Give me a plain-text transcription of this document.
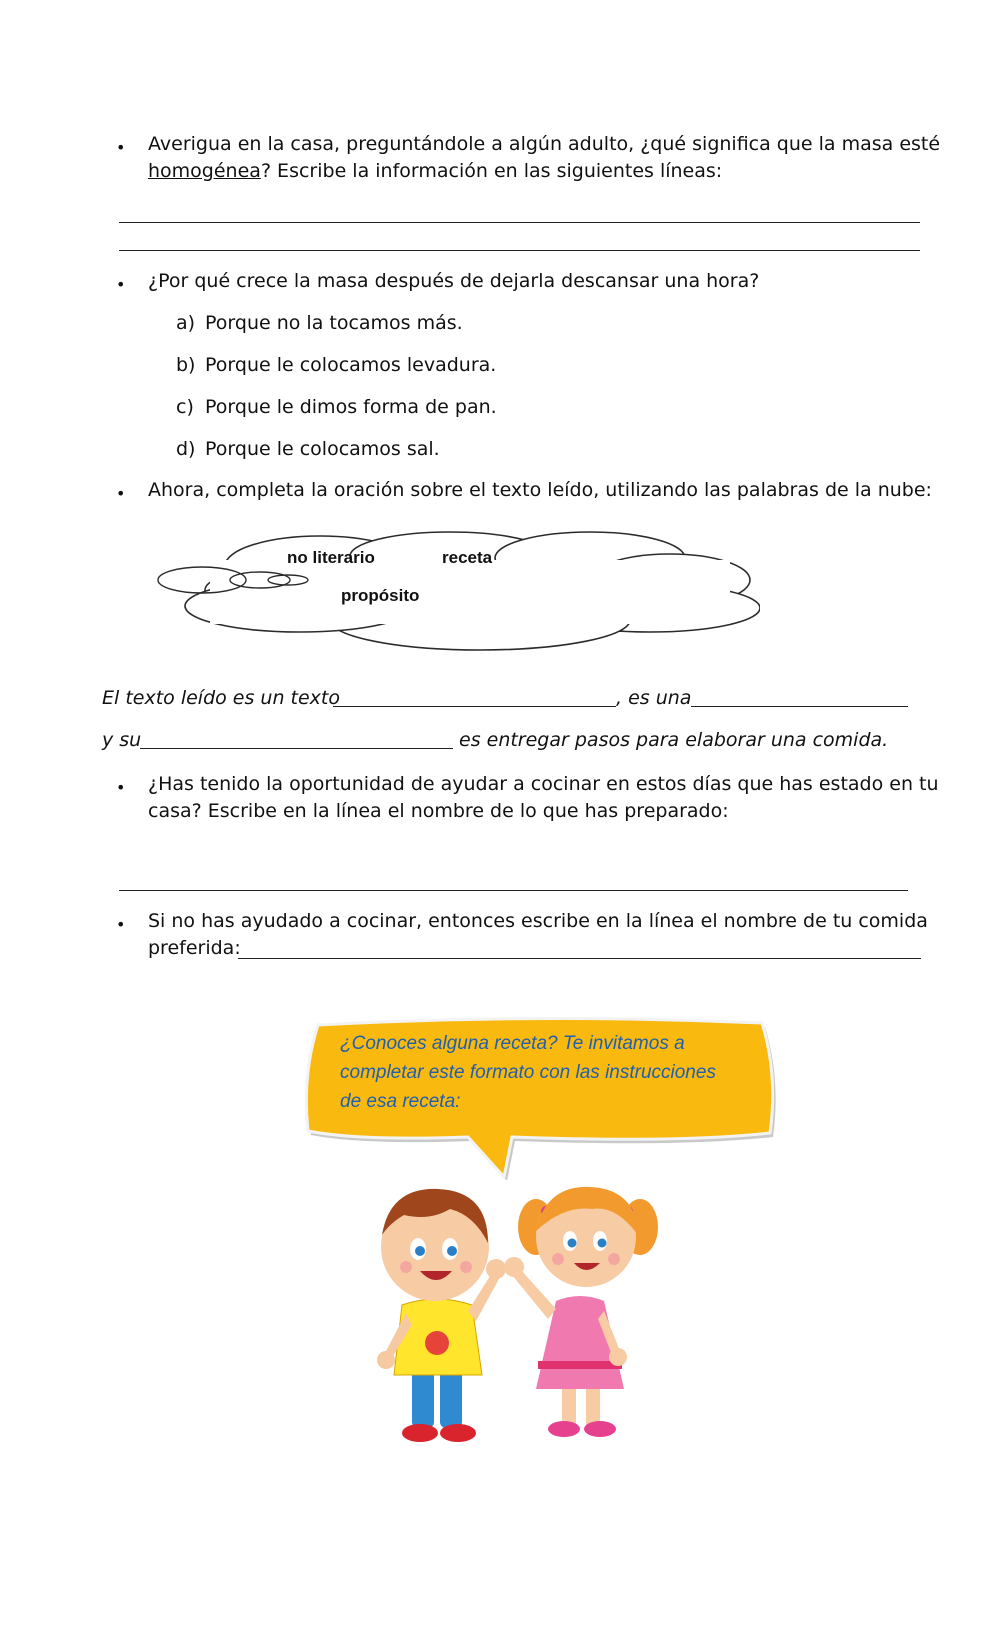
• Averigua en la casa, preguntándole a algún adulto, ¿qué significa que la masa esté
homogénea? Escribe la información en las siguientes líneas:
• ¿Por qué crece la masa después de dejarla descansar una hora?
a) Porque no la tocamos más.
b) Porque le colocamos levadura.
c) Porque le dimos forma de pan.
d) Porque le colocamos sal.
• Ahora, completa la oración sobre el texto leído, utilizando las palabras de la nube:
no literario	receta
propósito
El texto leído es un texto	, es una
y su	es entregar pasos para elaborar una comida.
• ¿Has tenido la oportunidad de ayudar a cocinar en estos días que has estado en tu
casa? Escribe en la línea el nombre de lo que has preparado:
• Si no has ayudado a cocinar, entonces escribe en la línea el nombre de tu comida
preferida:
¿Conoces alguna receta? Te invitamos a
completar este formato con las instrucciones
de esa receta:
